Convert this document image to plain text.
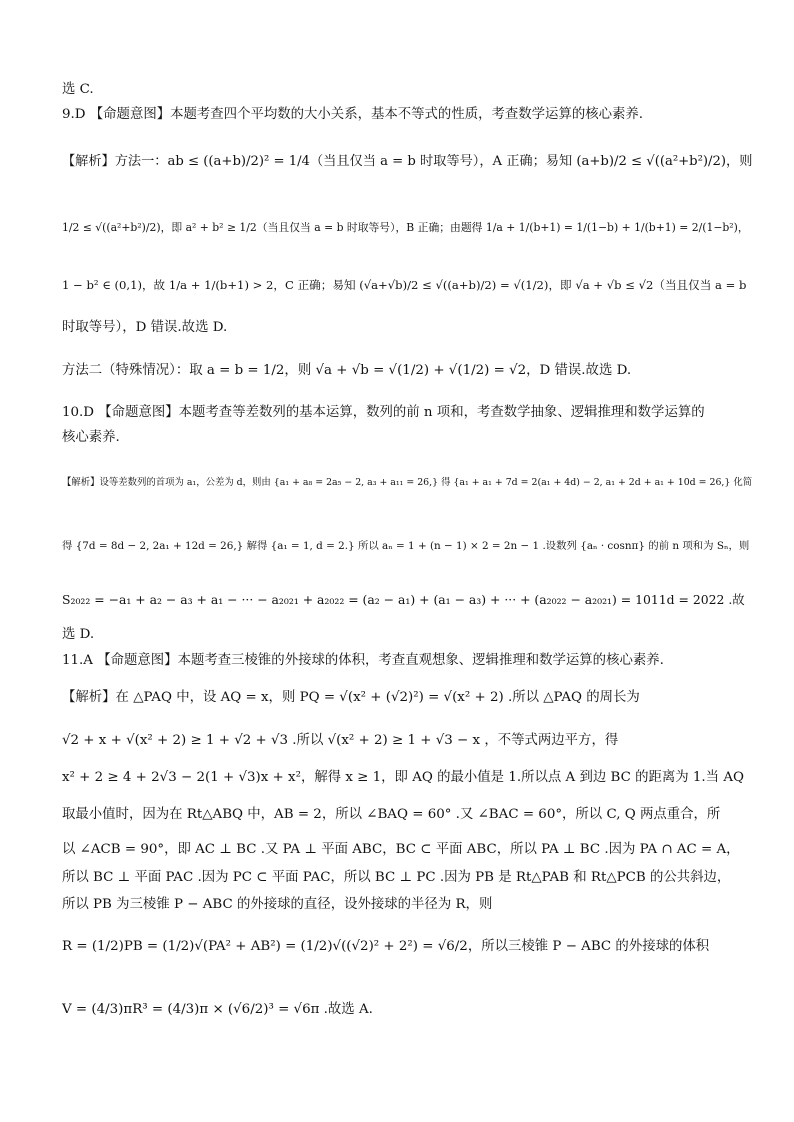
选 C.
9.D 【命题意图】本题考查四个平均数的大小关系，基本不等式的性质，考查数学运算的核心素养.
【解析】方法一：ab ≤ ((a+b)/2)² = 1/4（当且仅当 a = b 时取等号），A 正确；易知 (a+b)/2 ≤ √((a²+b²)/2)，则
1/2 ≤ √((a²+b²)/2)，即 a² + b² ≥ 1/2（当且仅当 a = b 时取等号），B 正确；由题得 1/a + 1/(b+1) = 1/(1−b) + 1/(b+1) = 2/(1−b²)，
1 − b² ∈ (0,1)，故 1/a + 1/(b+1) > 2，C 正确；易知 (√a+√b)/2 ≤ √((a+b)/2) = √(1/2)，即 √a + √b ≤ √2（当且仅当 a = b
时取等号），D 错误.故选 D.
方法二（特殊情况）：取 a = b = 1/2，则 √a + √b = √(1/2) + √(1/2) = √2，D 错误.故选 D.
10.D 【命题意图】本题考查等差数列的基本运算，数列的前 n 项和，考查数学抽象、逻辑推理和数学运算的
核心素养.
【解析】设等差数列的首项为 a₁，公差为 d，则由 {a₁ + a₈ = 2a₅ − 2, a₃ + a₁₁ = 26,} 得 {a₁ + a₁ + 7d = 2(a₁ + 4d) − 2, a₁ + 2d + a₁ + 10d = 26,} 化简
得 {7d = 8d − 2, 2a₁ + 12d = 26,} 解得 {a₁ = 1, d = 2.} 所以 aₙ = 1 + (n − 1) × 2 = 2n − 1 .设数列 {aₙ · cosnπ} 的前 n 项和为 Sₙ，则
S₂₀₂₂ = −a₁ + a₂ − a₃ + a₁ − ··· − a₂₀₂₁ + a₂₀₂₂ = (a₂ − a₁) + (a₁ − a₃) + ··· + (a₂₀₂₂ − a₂₀₂₁) = 1011d = 2022 .故
选 D.
11.A 【命题意图】本题考查三棱锥的外接球的体积，考查直观想象、逻辑推理和数学运算的核心素养.
【解析】在 △PAQ 中，设 AQ = x，则 PQ = √(x² + (√2)²) = √(x² + 2) .所以 △PAQ 的周长为
√2 + x + √(x² + 2) ≥ 1 + √2 + √3 .所以 √(x² + 2) ≥ 1 + √3 − x ，不等式两边平方，得
x² + 2 ≥ 4 + 2√3 − 2(1 + √3)x + x²，解得 x ≥ 1，即 AQ 的最小值是 1.所以点 A 到边 BC 的距离为 1.当 AQ
取最小值时，因为在 Rt△ABQ 中，AB = 2，所以 ∠BAQ = 60° .又 ∠BAC = 60°，所以 C, Q 两点重合，所
以 ∠ACB = 90°，即 AC ⊥ BC .又 PA ⊥ 平面 ABC，BC ⊂ 平面 ABC，所以 PA ⊥ BC .因为 PA ∩ AC = A，
所以 BC ⊥ 平面 PAC .因为 PC ⊂ 平面 PAC，所以 BC ⊥ PC .因为 PB 是 Rt△PAB 和 Rt△PCB 的公共斜边，
所以 PB 为三棱锥 P − ABC 的外接球的直径，设外接球的半径为 R，则
R = (1/2)PB = (1/2)√(PA² + AB²) = (1/2)√((√2)² + 2²) = √6/2，所以三棱锥 P − ABC 的外接球的体积
V = (4/3)πR³ = (4/3)π × (√6/2)³ = √6π .故选 A.
